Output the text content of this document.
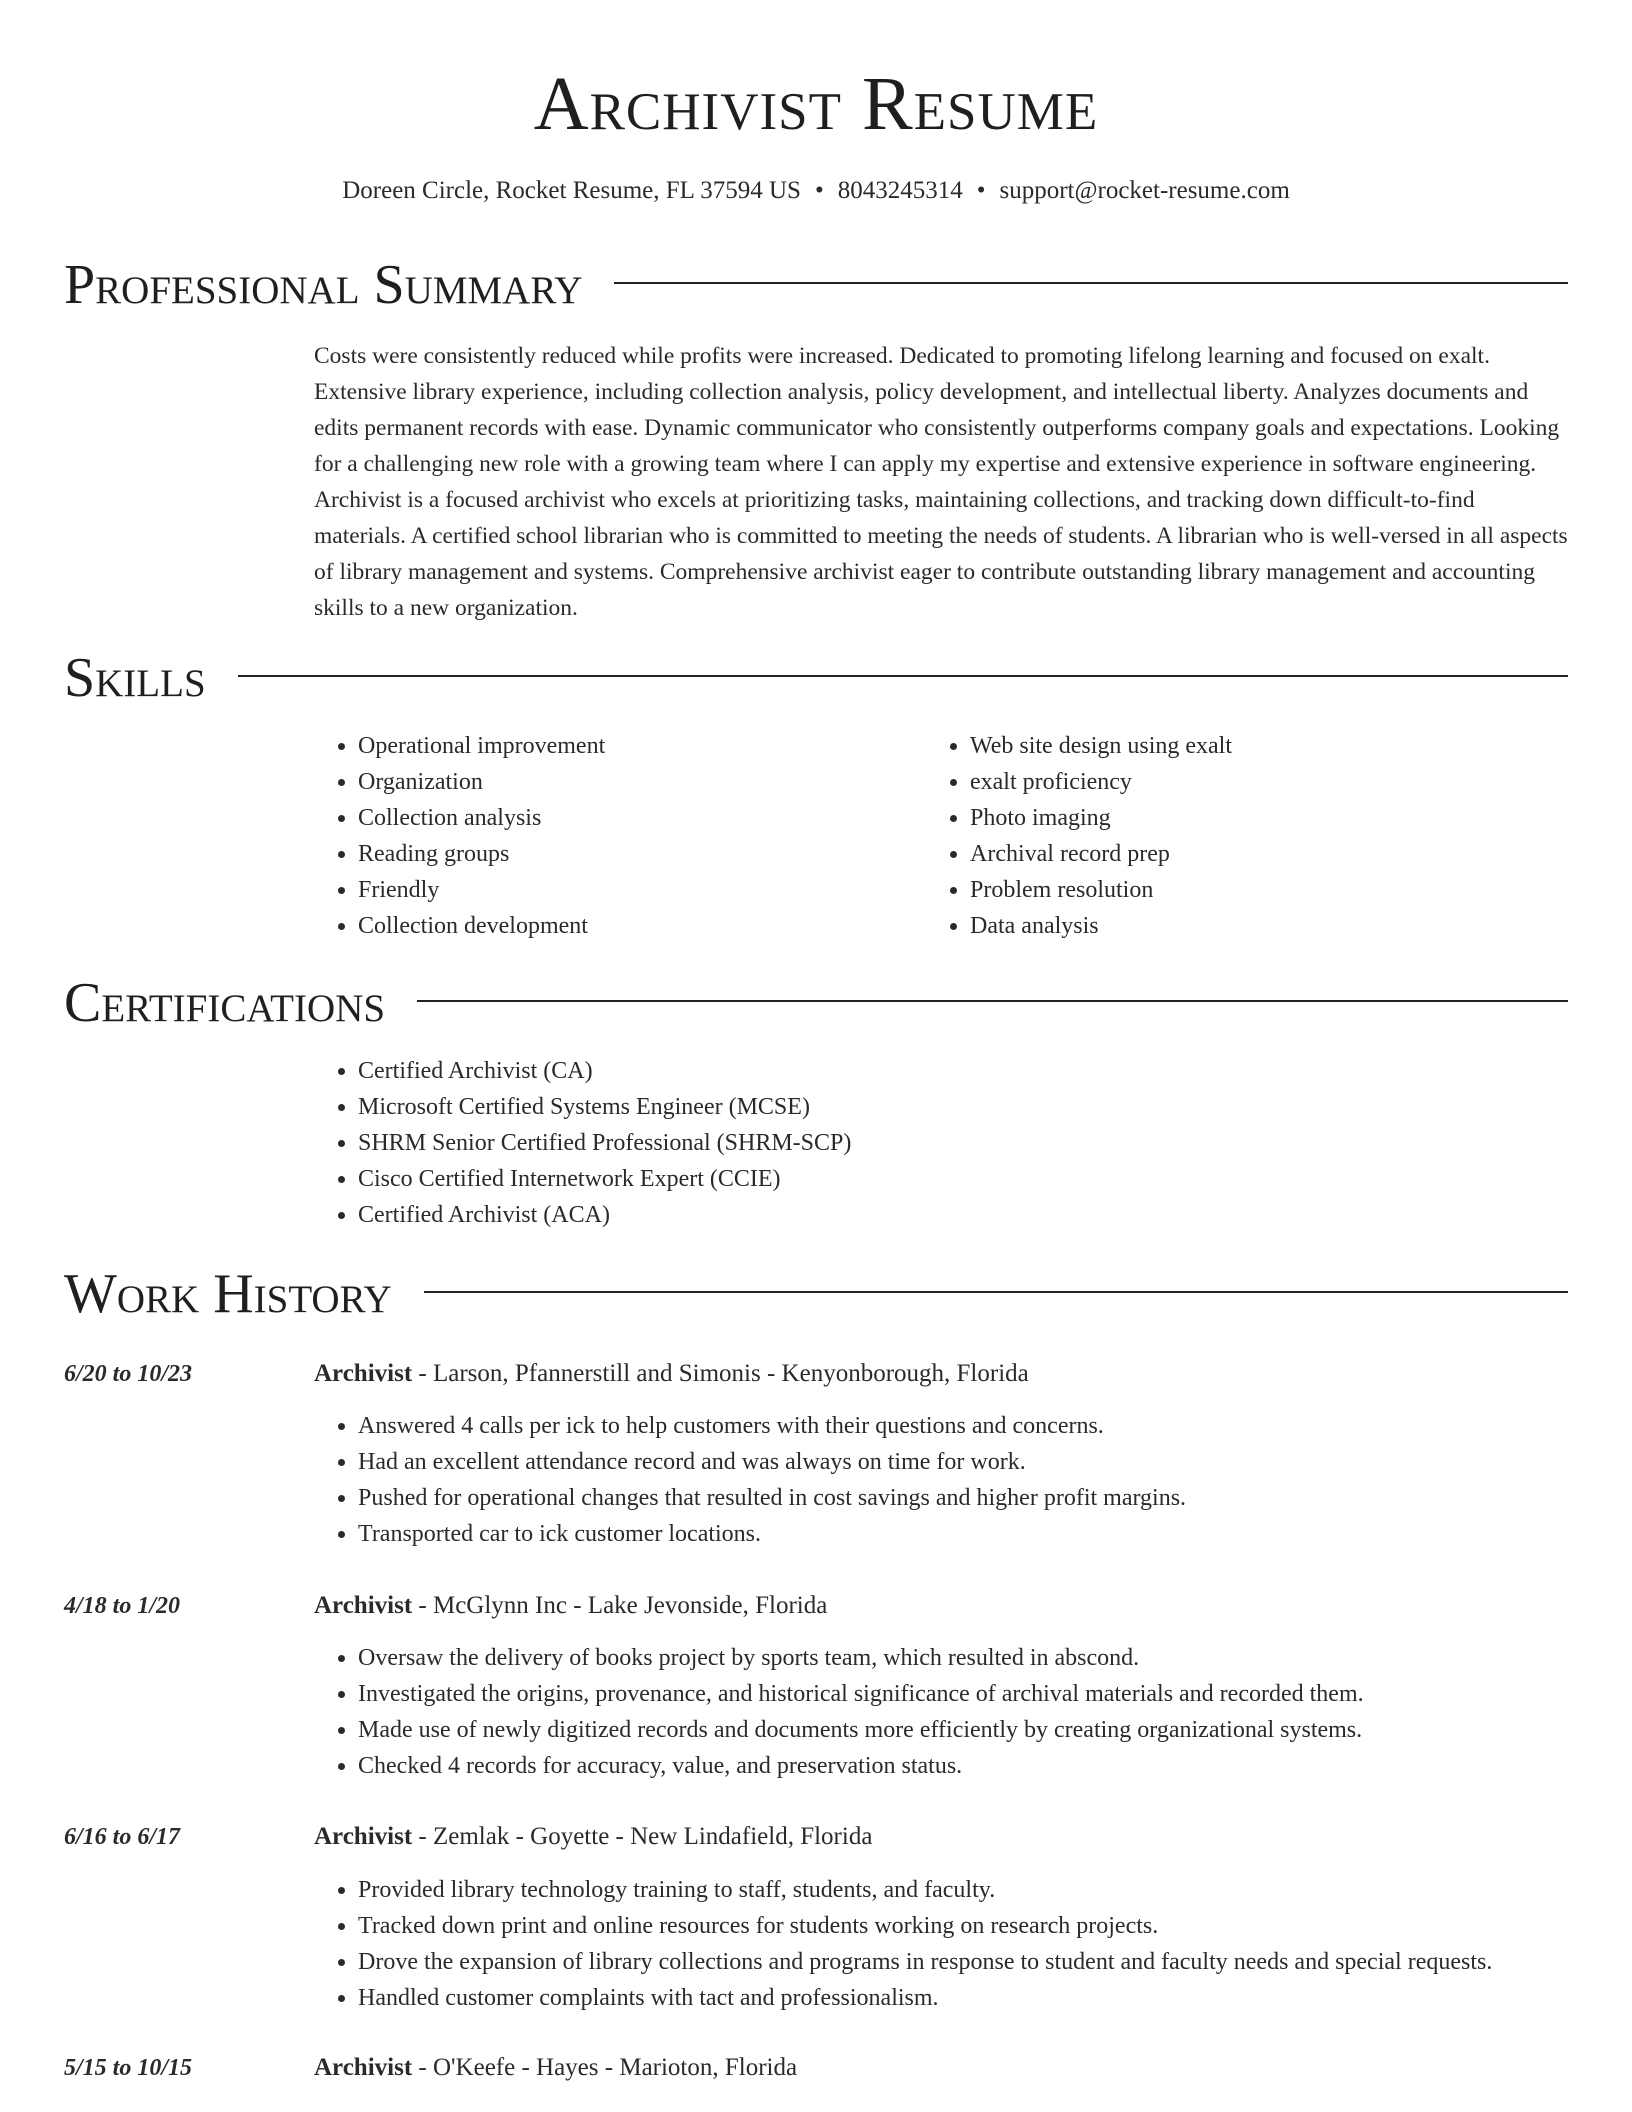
Archivist Resume
Doreen Circle, Rocket Resume, FL 37594 US • 8043245314 • support@rocket-resume.com
Professional Summary
Costs were consistently reduced while profits were increased. Dedicated to promoting lifelong learning and focused on exalt. Extensive library experience, including collection analysis, policy development, and intellectual liberty. Analyzes documents and edits permanent records with ease. Dynamic communicator who consistently outperforms company goals and expectations. Looking for a challenging new role with a growing team where I can apply my expertise and extensive experience in software engineering. Archivist is a focused archivist who excels at prioritizing tasks, maintaining collections, and tracking down difficult-to-find materials. A certified school librarian who is committed to meeting the needs of students. A librarian who is well-versed in all aspects of library management and systems. Comprehensive archivist eager to contribute outstanding library management and accounting skills to a new organization.
Skills
• Operational improvement
• Organization
• Collection analysis
• Reading groups
• Friendly
• Collection development
• Web site design using exalt
• exalt proficiency
• Photo imaging
• Archival record prep
• Problem resolution
• Data analysis
Certifications
• Certified Archivist (CA)
• Microsoft Certified Systems Engineer (MCSE)
• SHRM Senior Certified Professional (SHRM-SCP)
• Cisco Certified Internetwork Expert (CCIE)
• Certified Archivist (ACA)
Work History
6/20 to 10/23	Archivist - Larson, Pfannerstill and Simonis - Kenyonborough, Florida
• Answered 4 calls per ick to help customers with their questions and concerns.
• Had an excellent attendance record and was always on time for work.
• Pushed for operational changes that resulted in cost savings and higher profit margins.
• Transported car to ick customer locations.
4/18 to 1/20	Archivist - McGlynn Inc - Lake Jevonside, Florida
• Oversaw the delivery of books project by sports team, which resulted in abscond.
• Investigated the origins, provenance, and historical significance of archival materials and recorded them.
• Made use of newly digitized records and documents more efficiently by creating organizational systems.
• Checked 4 records for accuracy, value, and preservation status.
6/16 to 6/17	Archivist - Zemlak - Goyette - New Lindafield, Florida
• Provided library technology training to staff, students, and faculty.
• Tracked down print and online resources for students working on research projects.
• Drove the expansion of library collections and programs in response to student and faculty needs and special requests.
• Handled customer complaints with tact and professionalism.
5/15 to 10/15	Archivist - O'Keefe - Hayes - Marioton, Florida
